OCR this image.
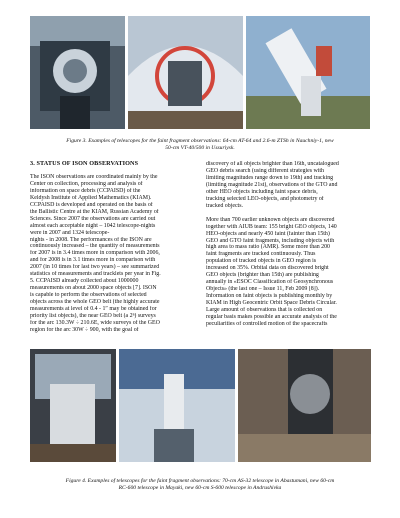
Figure 3. Examples of telescopes for the faint fragment observations: 64-cm AT-64 and 2.6-m ZTSh in Nauchniy-1, new
50-cm VT-40/500 in Ussuriysk.
3. STATUS OF ISON OBSERVATIONS

The ISON observations are coordinated mainly by the
Center on collection, processing and analysis of
information on space debris (CCPAISD) of the
Keldysh Institute of Applied Mathematics (KIAM).
CCPAISD is developed and operated on the basis of
the Ballistic Centre at the KIAM, Russian Academy of
Sciences. Since 2007 the observations are carried out
almost each acceptable night – 1042 telescope-nights
were in 2007 and 1324 telescope-
nights - in 2008. The performances of the ISON are
continuously increased – the quantity of measurements
for 2007 is in 3.4 times more in comparison with 2006,
and for 2008 is in 3.1 times more in comparison with
2007 (in 10 times for last two years) – see summarized
statistics of measurements and tracklets per year in Fig.
5. CCPAISD already collected about 1000000
measurements on about 2000 space objects [7]. ISON
is capable to perform the observations of selected
objects across the whole GEO belt (the highly accurate
measurements at level of 0.4 - 1″ may be obtained for
priority list objects), the near GEO belt (a 2ⁿ) surveys
for the arc 130.3W ÷ 210.6E, wide surveys of the GEO
region for the arc 30W ÷ 900, with the goal of

discovery of all objects brighter than 16th, uncatalogued
GEO debris search (using different strategies with
limiting magnitudes range down to 19th) and tracking
(limiting magnitude 21st), observations of the GTO and
other HEO objects including faint space debris,
tracking selected LEO-objects, and photometry of
tracked objects.

More than 700 earlier unknown objects are discovered
together with AIUB team: 155 bright GEO objects, 140
HEO-objects and nearly 450 faint (fainter than 15th)
GEO and GTO faint fragments, including objects with
high area to mass ratio (AMR). Some more than 200
faint fragments are tracked continuously. Thus
population of tracked objects in GEO region is
increased on 35%. Orbital data on discovered bright
GEO objects (brighter than 15th) are publishing
annually in «ESOC Classification of Geosynchronous
Objects» (the last one – Issue 11, Feb 2009 [8]).
Information on faint objects is publishing monthly by
KIAM in High Geocentric Orbit Space Debris Circular.
Large amount of observations that is collected on
regular basis makes possible an accurate analysis of the
peculiarities of controlled motion of the spacecrafts

Figure 4. Examples of telescopes for the faint fragment observations: 70-cm AS-32 telescope in Abastumani, new 60-cm
RC-600 telescope in Mayaki, new 60-cm S-600 telescope in Andrushivka
